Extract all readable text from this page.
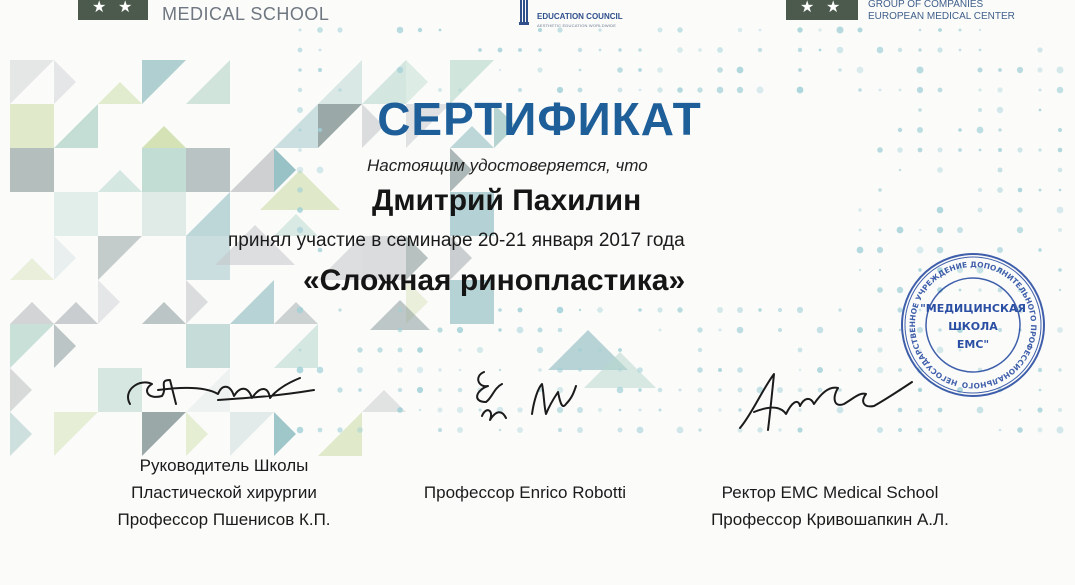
★ ★ MEDICAL SCHOOL	EDUCATION COUNCIL
AESTHETIC EDUCATION WORLDWIDE
★ ★	GROUP OF COMPANIES
EUROPEAN MEDICAL CENTER
СЕРТИФИКАТ
Настоящим удостоверяется, что
Дмитрий Пахилин
принял участие в семинаре 20-21 января 2017 года
«Сложная ринопластика»
Руководитель Школы
Пластической хирургии
Профессор Пшенисов К.П.
Профессор Enrico Robotti	Ректор EMC Medical School
Профессор Кривошапкин А.Л.
НЕГОСУДАРСТВЕННОЕ УЧРЕЖДЕНИЕ ДОПОЛНИТЕЛЬНОГО ПРОФЕССИОНАЛЬНОГО
"МЕДИЦИНСКАЯ
ШКОЛА
ЕМС"
